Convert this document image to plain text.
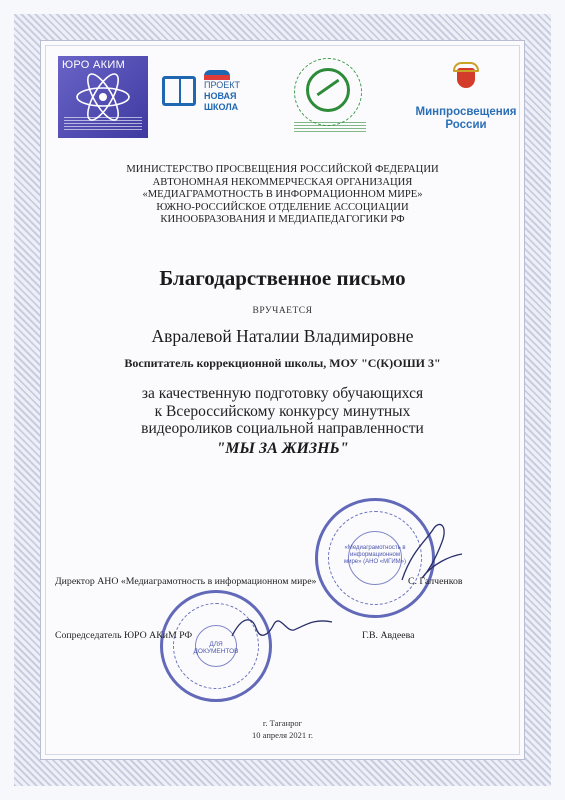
ЮРО АКИМ
ПРОЕКТ
НОВАЯ
ШКОЛА	Минпросвещения
России
МИНИСТЕРСТВО ПРОСВЕЩЕНИЯ РОССИЙСКОЙ ФЕДЕРАЦИИ
АВТОНОМНАЯ НЕКОММЕРЧЕСКАЯ ОРГАНИЗАЦИЯ
«МЕДИАГРАМОТНОСТЬ В ИНФОРМАЦИОННОМ МИРЕ»
ЮЖНО-РОССИЙСКОЕ ОТДЕЛЕНИЕ АССОЦИАЦИИ
КИНООБРАЗОВАНИЯ И МЕДИАПЕДАГОГИКИ РФ
Благодарственное письмо
ВРУЧАЕТСЯ
Авралевой Наталии Владимировне
Воспитатель коррекционной школы, МОУ "С(К)ОШИ 3"
за качественную подготовку обучающихся
к Всероссийскому конкурсу минутных
видеороликов социальной направленности
"МЫ ЗА ЖИЗНЬ"
«Медиаграмотность в информационном мире» (АНО «МГИМ»)
ДЛЯ ДОКУМЕНТОВ
Директор АНО «Медиаграмотность в информационном мире»	С. Галченков
Сопредседатель ЮРО АКиМ РФ	Г.В. Авдеева
г. Таганрог
10 апреля 2021 г.
